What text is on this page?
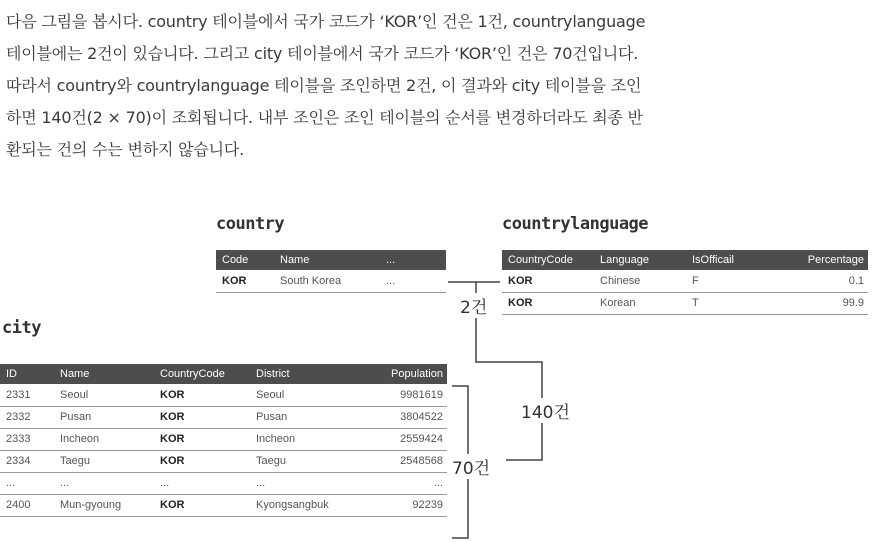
다음 그림을 봅시다. country 테이블에서 국가 코드가 ‘KOR’인 건은 1건, countrylanguage
테이블에는 2건이 있습니다. 그리고 city 테이블에서 국가 코드가 ‘KOR’인 건은 70건입니다.
따라서 country와 countrylanguage 테이블을 조인하면 2건, 이 결과와 city 테이블을 조인
하면 140건(2 × 70)이 조회됩니다. 내부 조인은 조인 테이블의 순서를 변경하더라도 최종 반
환되는 건의 수는 변하지 않습니다.
country
Code	Name	...
KOR	South Korea	...
countrylanguage
CountryCode	Language	IsOfficail	Percentage
KOR	Chinese	F	0.1
KOR	Korean	T	99.9
city
ID	Name	CountryCode	District	Population
2331	Seoul	KOR	Seoul	9981619
2332	Pusan	KOR	Pusan	3804522
2333	Incheon	KOR	Incheon	2559424
2334	Taegu	KOR	Taegu	2548568
...	...	...	...	...
2400	Mun-gyoung	KOR	Kyongsangbuk	92239
2건
140건
70건
